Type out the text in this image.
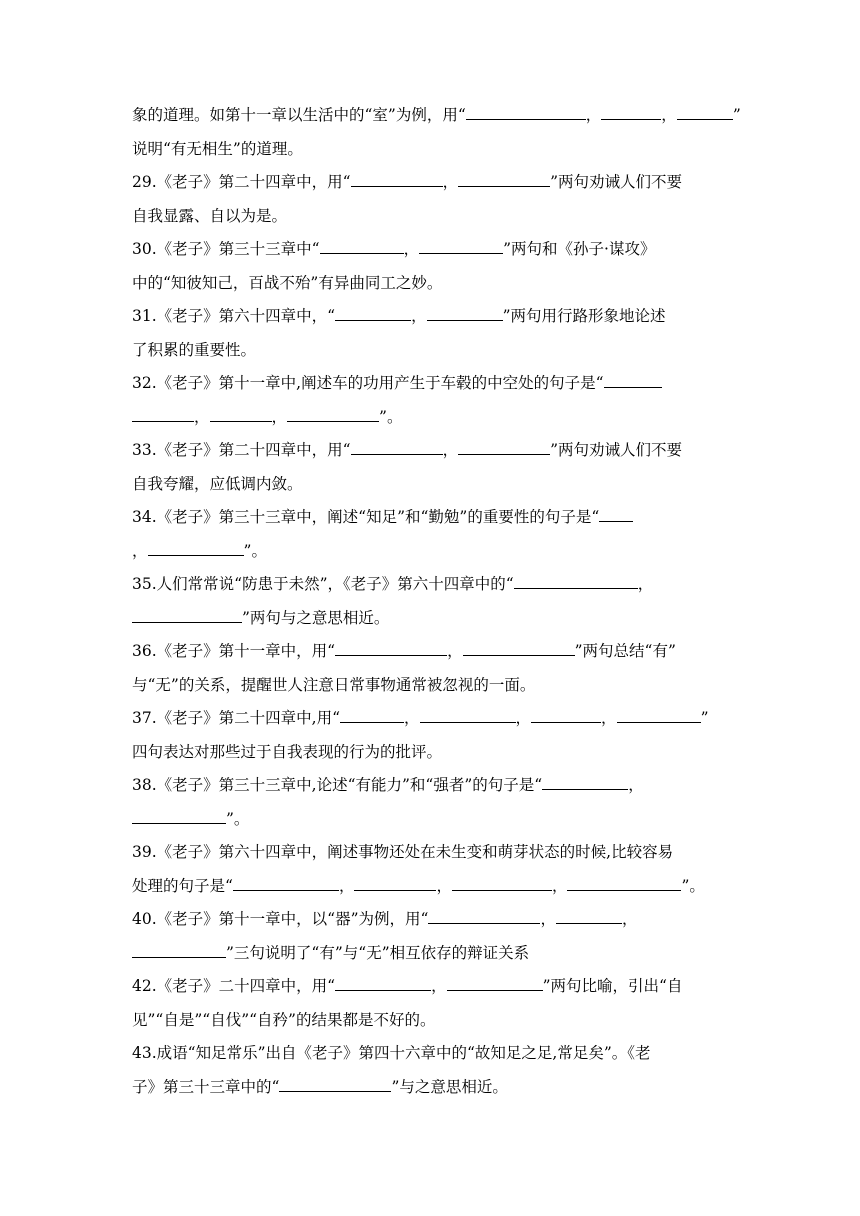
象的道理。如第十一章以生活中的“室”为例，用“	，	，	”
说明“有无相生”的道理。
29.《老子》第二十四章中，用“	，	”两句劝诫人们不要
自我显露、自以为是。
30.《老子》第三十三章中“	，	”两句和《孙子·谋攻》
中的“知彼知己，百战不殆”有异曲同工之妙。
31.《老子》第六十四章中，“	，	”两句用行路形象地论述
了积累的重要性。
32.《老子》第十一章中,阐述车的功用产生于车毂的中空处的句子是“
，	，	”。
33.《老子》第二十四章中，用“	，	”两句劝诫人们不要
自我夸耀，应低调内敛。
34.《老子》第三十三章中，阐述“知足”和“勤勉”的重要性的句子是“
，	”。
35.人们常常说“防患于未然”，《老子》第六十四章中的“	，
”两句与之意思相近。
36.《老子》第十一章中，用“	，	”两句总结“有”
与“无”的关系，提醒世人注意日常事物通常被忽视的一面。
37.《老子》第二十四章中,用“	，	，	，	”
四句表达对那些过于自我表现的行为的批评。
38.《老子》第三十三章中,论述“有能力”和“强者”的句子是“	，
”。
39.《老子》第六十四章中，阐述事物还处在未生变和萌芽状态的时候,比较容易
处理的句子是“	，	，	，	”。
40.《老子》第十一章中，以“器”为例，用“	，	，
”三句说明了“有”与“无”相互依存的辩证关系
42.《老子》二十四章中，用“	，	”两句比喻，引出“自
见”“自是”“自伐”“自矜”的结果都是不好的。
43.成语“知足常乐”出自《老子》第四十六章中的“故知足之足,常足矣”。《老
子》第三十三章中的“	”与之意思相近。
